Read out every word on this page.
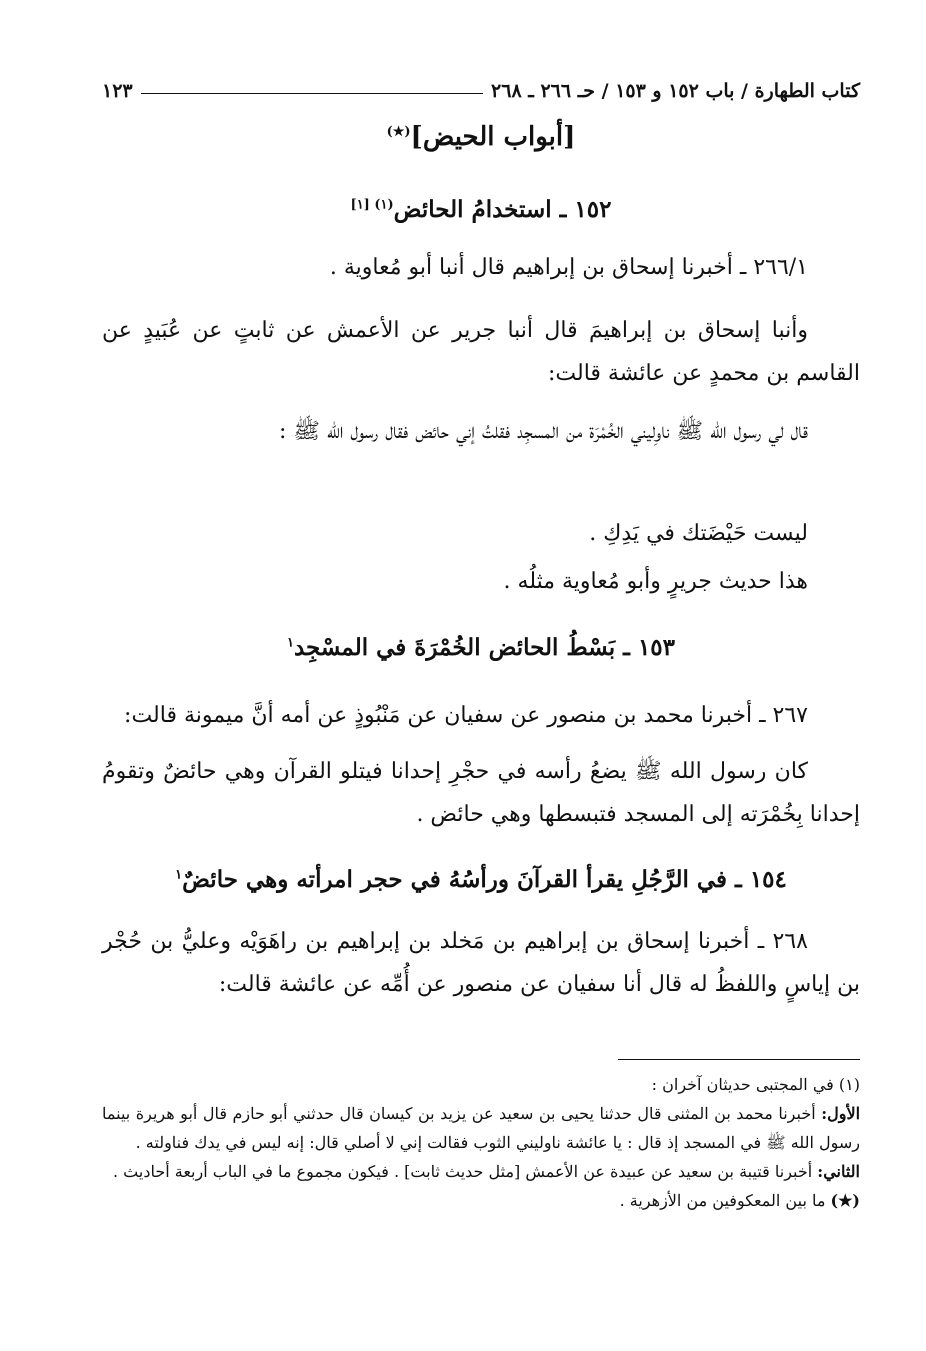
كتاب الطهارة / باب ١٥٢ و ١٥٣ / حـ ٢٦٦ ـ ٢٦٨
١٢٣
[أبواب الحيض](★)
١٥٢ ـ استخدامُ الحائض$^{(١) [١]}$

٢٦٦/١ ـ أخبرنا إسحاق بن إبراهيم قال أنبا أبو مُعاوية .

وأنبا إسحاق بن إبراهيمَ قال أنبا جرير عن الأعمش عن ثابتٍ عن عُبَيدٍ عن القاسم بن محمدٍ عن عائشة قالت:

قال لي رسول الله ﷺ ناوِليني الخُمْرَة من المسجِد فقلتُ إني حائض فقال رسول الله ﷺ :

ليست حَيْضَتك في يَدِكِ .

هذا حديث جريرٍ وأبو مُعاوية مثلُه .

١٥٣ ـ بَسْطُ الحائض الخُمْرَةَ في المسْجِد$^١$

٢٦٧ ـ أخبرنا محمد بن منصور عن سفيان عن مَنْبُوذٍ عن أمه أنَّ ميمونة قالت:

كان رسول الله ﷺ يضعُ رأسه في حجْرِ إحدانا فيتلو القرآن وهي حائضٌ وتقومُ إحدانا بِخُمْرَته إلى المسجد فتبسطها وهي حائض .

١٥٤ ـ في الرَّجُلِ يقرأ القرآنَ ورأسُهُ في حجر امرأته وهي حائضٌ$^١$

٢٦٨ ـ أخبرنا إسحاق بن إبراهيم بن مَخلد بن إبراهيم بن راهَوَيْه وعليُّ بن حُجْر بن إياسٍ واللفظُ له قال أنا سفيان عن منصور عن أُمِّه عن عائشة قالت:

(١) في المجتبى حديثان آخران :
الأول: أخبرنا محمد بن المثنى قال حدثنا يحيى بن سعيد عن يزيد بن كيسان قال حدثني أبو حازم قال أبو هريرة بينما رسول الله ﷺ في المسجد إذ قال : يا عائشة ناوليني الثوب فقالت إني لا أصلي قال: إنه ليس في يدك فناولته .
الثاني: أخبرنا قتيبة بن سعيد عن عبيدة عن الأعمش [مثل حديث ثابت] . فيكون مجموع ما في الباب أربعة أحاديث .
(★) ما بين المعكوفين من الأزهرية .
